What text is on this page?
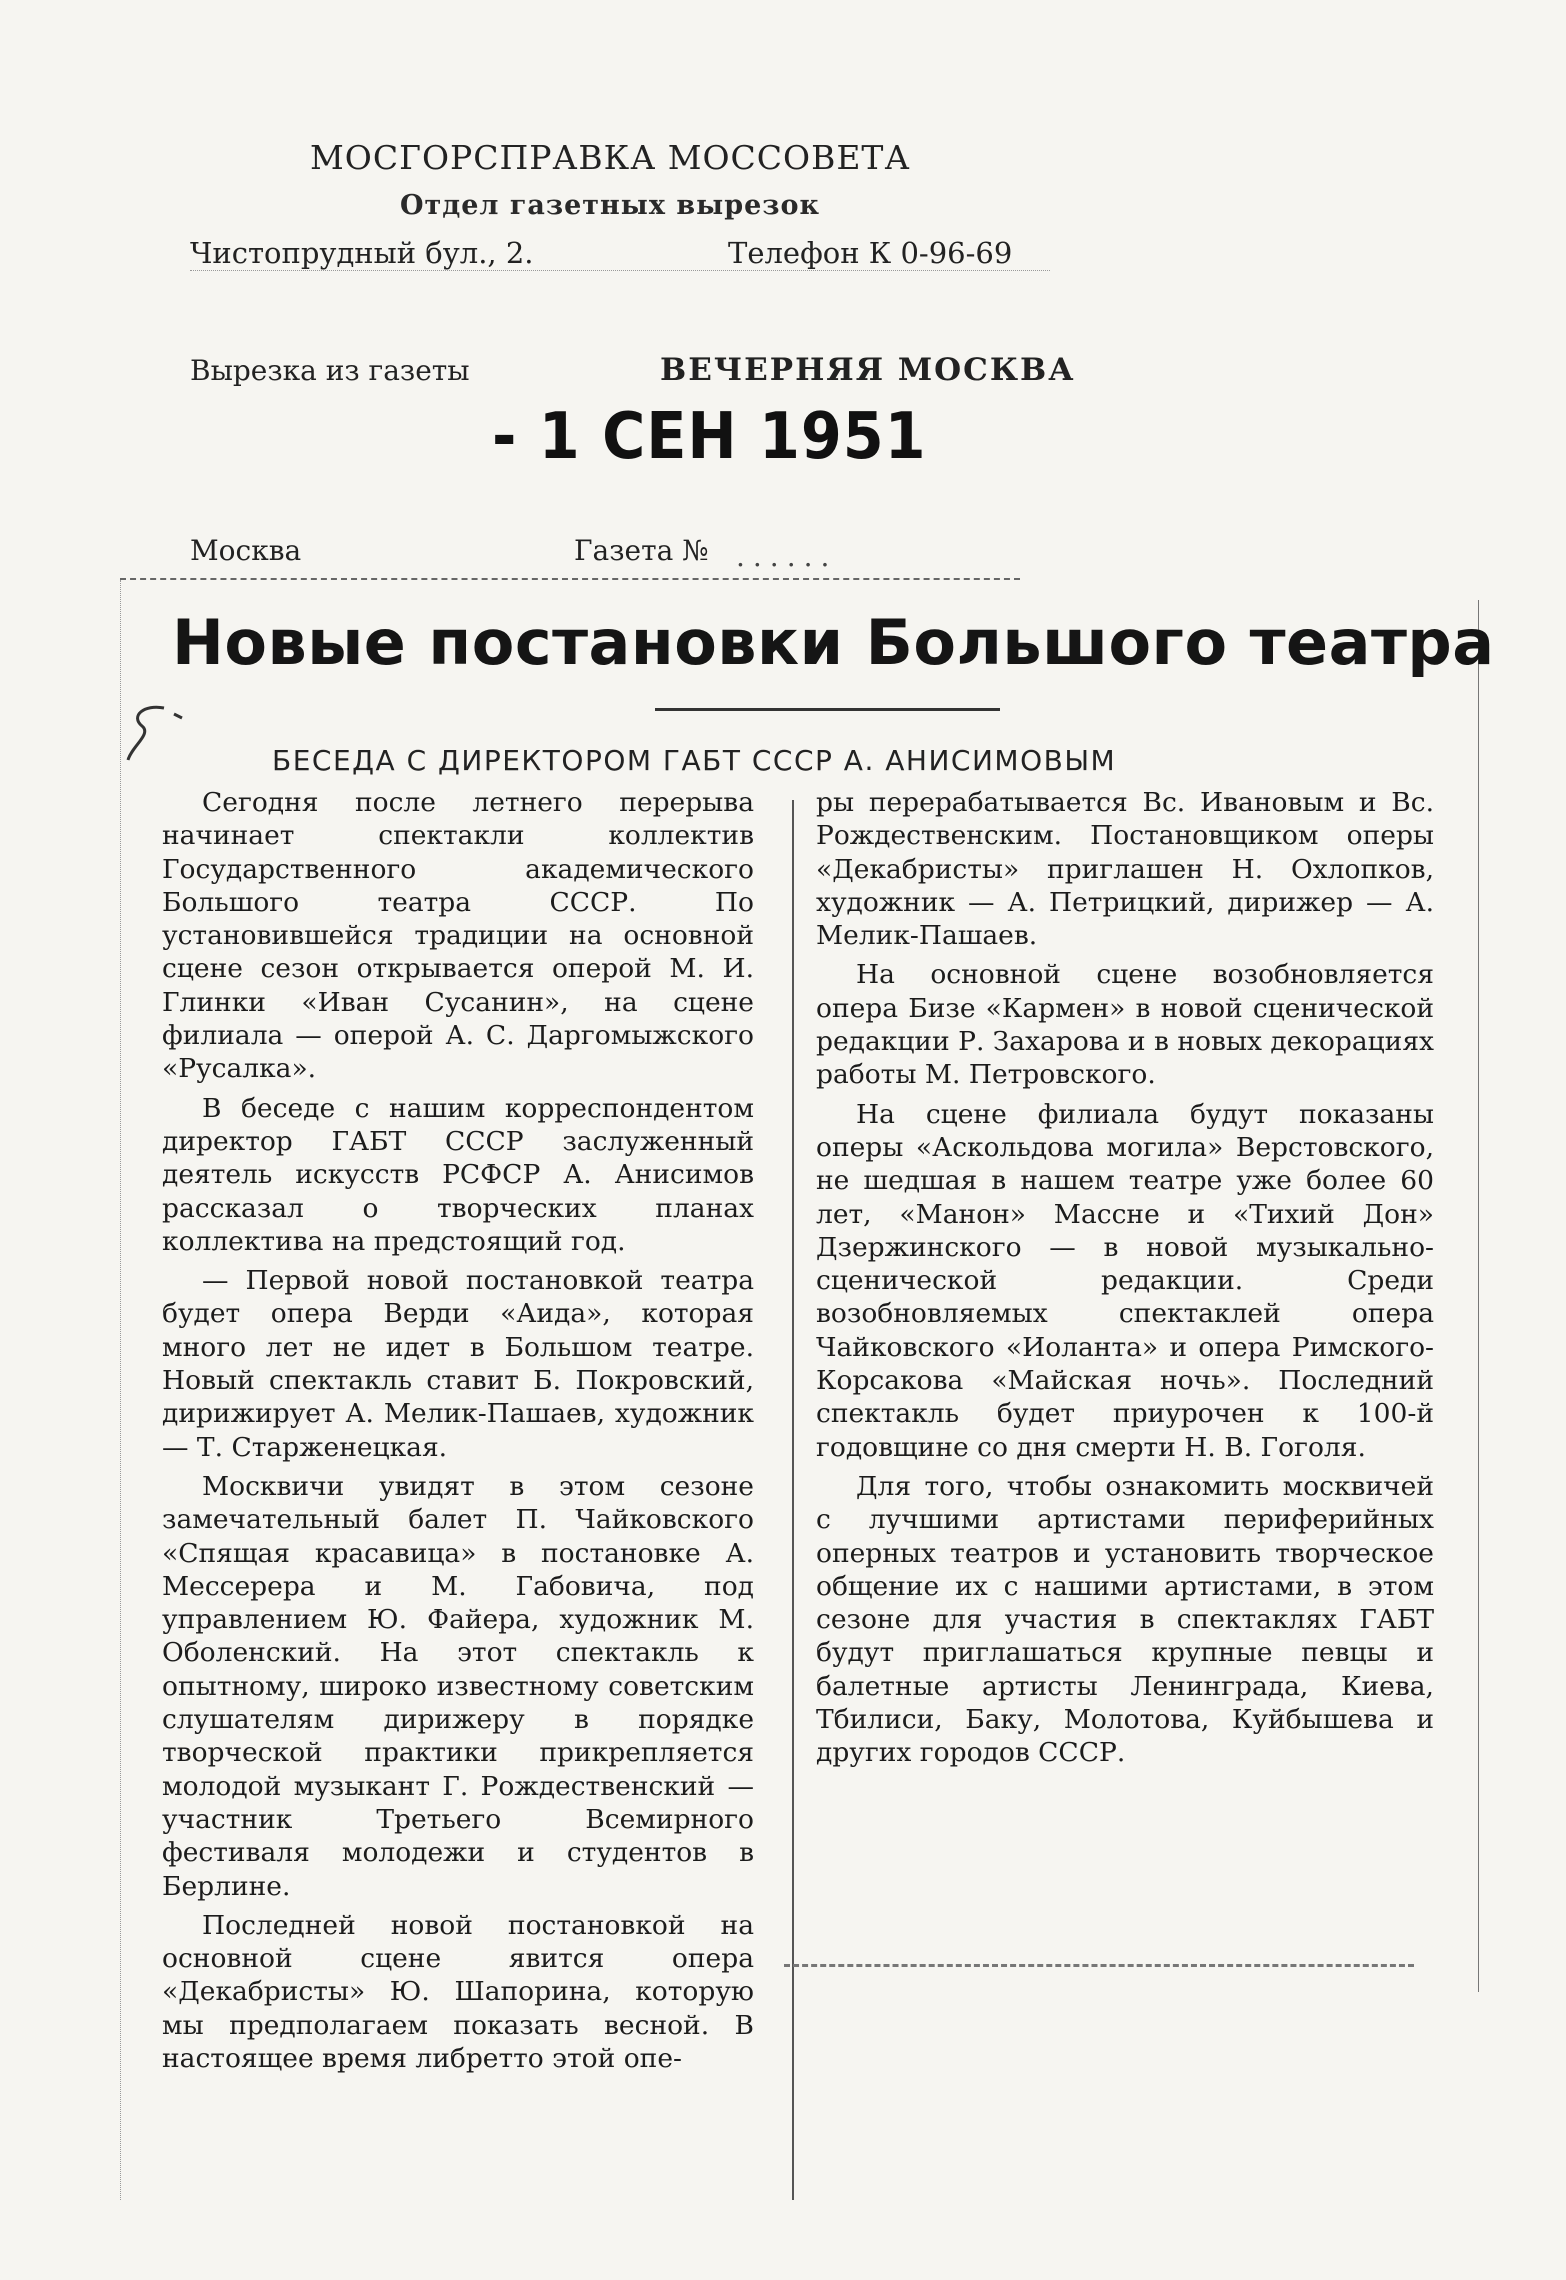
МОСГОРСПРАВКА МОССОВЕТА
Отдел газетных вырезок
Чистопрудный бул., 2.	Телефон К 0-96-69
Вырезка из газеты	ВЕЧЕРНЯЯ МОСКВА
- 1 СЕН 1951
Москва	Газета № ......
Новые постановки Большого театра
БЕСЕДА С ДИРЕКТОРОМ ГАБТ СССР А. АНИСИМОВЫМ

Сегодня после летнего перерыва начинает спектакли коллектив Государственного академического Большого театра СССР. По установившейся традиции на основной сцене сезон открывается оперой М. И. Глинки «Иван Сусанин», на сцене филиала — оперой А. С. Даргомыжского «Русалка».

В беседе с нашим корреспондентом директор ГАБТ СССР заслуженный деятель искусств РСФСР А. Анисимов рассказал о творческих планах коллектива на предстоящий год.

— Первой новой постановкой театра будет опера Верди «Аида», которая много лет не идет в Большом театре. Новый спектакль ставит Б. Покровский, дирижирует А. Мелик-Пашаев, художник — Т. Старженецкая.

Москвичи увидят в этом сезоне замечательный балет П. Чайковского «Спящая красавица» в постановке А. Мессерера и М. Габовича, под управлением Ю. Файера, художник М. Оболенский. На этот спектакль к опытному, широко известному советским слушателям дирижеру в порядке творческой практики прикрепляется молодой музыкант Г. Рождественский — участник Третьего Всемирного фестиваля молодежи и студентов в Берлине.

Последней новой постановкой на основной сцене явится опера «Декабристы» Ю. Шапорина, которую мы предполагаем показать весной. В настоящее время либретто этой опе-

ры перерабатывается Вс. Ивановым и Вс. Рождественским. Постановщиком оперы «Декабристы» приглашен Н. Охлопков, художник — А. Петрицкий, дирижер — А. Мелик-Пашаев.

На основной сцене возобновляется опера Бизе «Кармен» в новой сценической редакции Р. Захарова и в новых декорациях работы М. Петровского.

На сцене филиала будут показаны оперы «Аскольдова могила» Верстовского, не шедшая в нашем театре уже более 60 лет, «Манон» Массне и «Тихий Дон» Дзержинского — в новой музыкально-сценической редакции. Среди возобновляемых спектаклей опера Чайковского «Иоланта» и опера Римского-Корсакова «Майская ночь». Последний спектакль будет приурочен к 100-й годовщине со дня смерти Н. В. Гоголя.

Для того, чтобы ознакомить москвичей с лучшими артистами периферийных оперных театров и установить творческое общение их с нашими артистами, в этом сезоне для участия в спектаклях ГАБТ будут приглашаться крупные певцы и балетные артисты Ленинграда, Киева, Тбилиси, Баку, Молотова, Куйбышева и других городов СССР.
